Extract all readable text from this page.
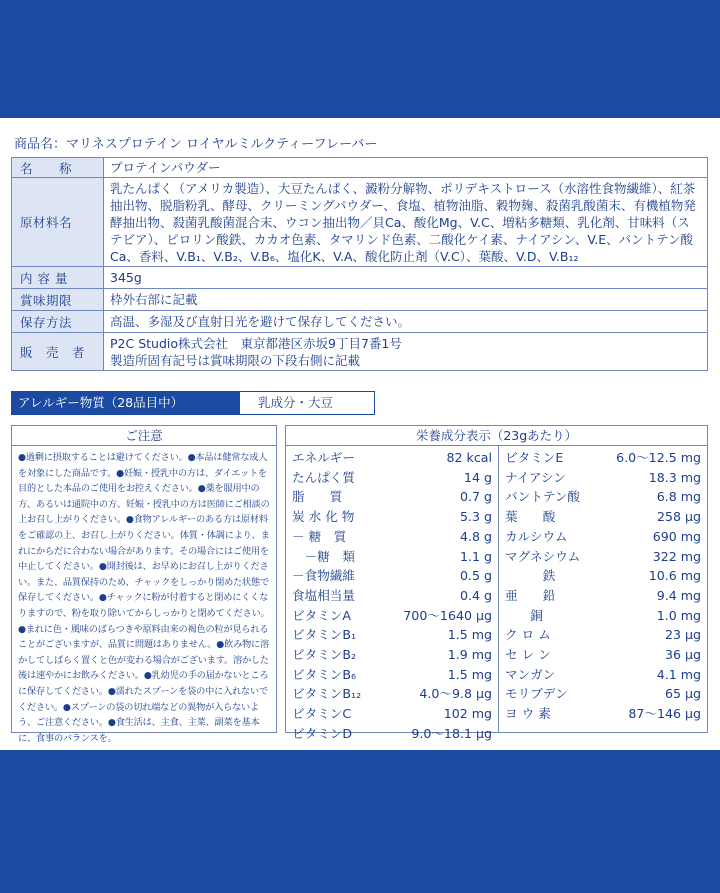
商品名：マリネスプロテイン ロイヤルミルクティーフレーバー
名　　称	プロテインパウダー
原材料名	乳たんぱく（アメリカ製造）、大豆たんぱく、澱粉分解物、ポリデキストロース（水溶性食物繊維）、紅茶抽出物、脱脂粉乳、酵母、クリーミングパウダー、食塩、植物油脂、穀物麹、殺菌乳酸菌末、有機植物発酵抽出物、殺菌乳酸菌混合末、ウコン抽出物／貝Ca、酸化Mg、V.C、増粘多糖類、乳化剤、甘味料（ステビア）、ピロリン酸鉄、カカオ色素、タマリンド色素、二酸化ケイ素、ナイアシン、V.E、パントテン酸Ca、香料、V.B₁、V.B₂、V.B₆、塩化K、V.A、酸化防止剤（V.C）、葉酸、V.D、V.B₁₂
内 容 量	345g
賞味期限	枠外右部に記載
保存方法	高温、多湿及び直射日光を避けて保存してください。
販　売　者	P2C Studio株式会社　東京都港区赤坂9丁目7番1号
製造所固有記号は賞味期限の下段右側に記載
アレルギー物質（28品目中）	乳成分・大豆
ご注意
●過剰に摂取することは避けてください。●本品は健常な成人を対象にした商品です。●妊娠・授乳中の方は、ダイエットを目的とした本品のご使用をお控えください。●薬を服用中の方、あるいは通院中の方、妊娠・授乳中の方は医師にご相談の上お召し上がりください。●食物アレルギーのある方は原材料をご確認の上、お召し上がりください。体質・体調により、まれにからだに合わない場合があります。その場合にはご使用を中止してください。●開封後は、お早めにお召し上がりください。また、品質保持のため、チャックをしっかり閉めた状態で保存してください。●チャックに粉が付着すると閉めにくくなりますので、粉を取り除いてからしっかりと閉めてください。●まれに色・風味のばらつきや原料由来の褐色の粒が見られることがございますが、品質に問題はありません。●飲み物に溶かしてしばらく置くと色が変わる場合がございます。溶かした後は速やかにお飲みください。●乳幼児の手の届かないところに保存してください。●濡れたスプーンを袋の中に入れないでください。●スプーンの袋の切れ端などの異物が入らないよう、ご注意ください。●食生活は、主食、主菜、副菜を基本に、食事のバランスを。
栄養成分表示（23gあたり）
エネルギー	82 kcal
たんぱく質	14 g
脂　　質	0.7 g
炭 水 化 物	5.3 g
－ 糖　質	4.8 g
　－糖　類	1.1 g
－食物繊維	0.5 g
食塩相当量	0.4 g
ビタミンA	700～1640 μg
ビタミンB₁	1.5 mg
ビタミンB₂	1.9 mg
ビタミンB₆	1.5 mg
ビタミンB₁₂	4.0～9.8 μg
ビタミンC	102 mg
ビタミンD	9.0～18.1 μg
ビタミンE	6.0～12.5 mg
ナイアシン	18.3 mg
パントテン酸	6.8 mg
葉　　酸	258 μg
カルシウム	690 mg
マグネシウム	322 mg
　　　鉄	10.6 mg
亜　　鉛	9.4 mg
　　銅	1.0 mg
ク ロ ム	23 μg
セ レ ン	36 μg
マンガン	4.1 mg
モリブデン	65 μg
ヨ ウ 素	87～146 μg
